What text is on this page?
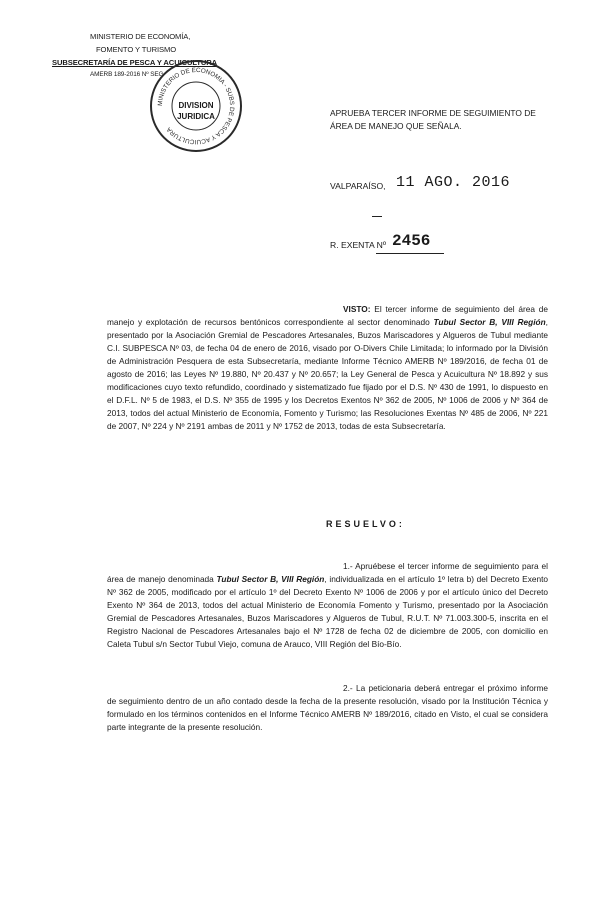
MINISTERIO DE ECONOMÍA,
FOMENTO Y TURISMO
SUBSECRETARÍA DE PESCA Y ACUICULTURA
AMERB 189-2016 Nº SEG
MINISTERIO DE ECONOMIA - SUBS DE PESCA Y ACUICULTURA
DIVISION
JURIDICA	APRUEBA TERCER INFORME DE SEGUIMIENTO DE
ÁREA DE MANEJO QUE SEÑALA.
VALPARAÍSO, 11 AGO. 2016
R. EXENTA Nº 2456
VISTO: El tercer informe de seguimiento del área de manejo y explotación de recursos bentónicos correspondiente al sector denominado Tubul Sector B, VIII Región, presentado por la Asociación Gremial de Pescadores Artesanales, Buzos Mariscadores y Algueros de Tubul mediante C.I. SUBPESCA Nº 03, de fecha 04 de enero de 2016, visado por O-Divers Chile Limitada; lo informado por la División de Administración Pesquera de esta Subsecretaría, mediante Informe Técnico AMERB Nº 189/2016, de fecha 01 de agosto de 2016; las Leyes Nº 19.880, Nº 20.437 y Nº 20.657; la Ley General de Pesca y Acuicultura Nº 18.892 y sus modificaciones cuyo texto refundido, coordinado y sistematizado fue fijado por el D.S. Nº 430 de 1991, lo dispuesto en el D.F.L. Nº 5 de 1983, el D.S. Nº 355 de 1995 y los Decretos Exentos Nº 362 de 2005, Nº 1006 de 2006 y Nº 364 de 2013, todos del actual Ministerio de Economía, Fomento y Turismo; las Resoluciones Exentas Nº 485 de 2006, Nº 221 de 2007, Nº 224 y Nº 2191 ambas de 2011 y Nº 1752 de 2013, todas de esta Subsecretaría.
RESUELVO:
1.- Apruébese el tercer informe de seguimiento para el área de manejo denominada Tubul Sector B, VIII Región, individualizada en el artículo 1º letra b) del Decreto Exento Nº 362 de 2005, modificado por el artículo 1º del Decreto Exento Nº 1006 de 2006 y por el artículo único del Decreto Exento Nº 364 de 2013, todos del actual Ministerio de Economía Fomento y Turismo, presentado por la Asociación Gremial de Pescadores Artesanales, Buzos Mariscadores y Algueros de Tubul, R.U.T. Nº 71.003.300-5, inscrita en el Registro Nacional de Pescadores Artesanales bajo el Nº 1728 de fecha 02 de diciembre de 2005, con domicilio en Caleta Tubul s/n Sector Tubul Viejo, comuna de Arauco, VIII Región del Bío-Bío.
2.- La peticionaria deberá entregar el próximo informe de seguimiento dentro de un año contado desde la fecha de la presente resolución, visado por la Institución Técnica y formulado en los términos contenidos en el Informe Técnico AMERB Nº 189/2016, citado en Visto, el cual se considera parte integrante de la presente resolución.
